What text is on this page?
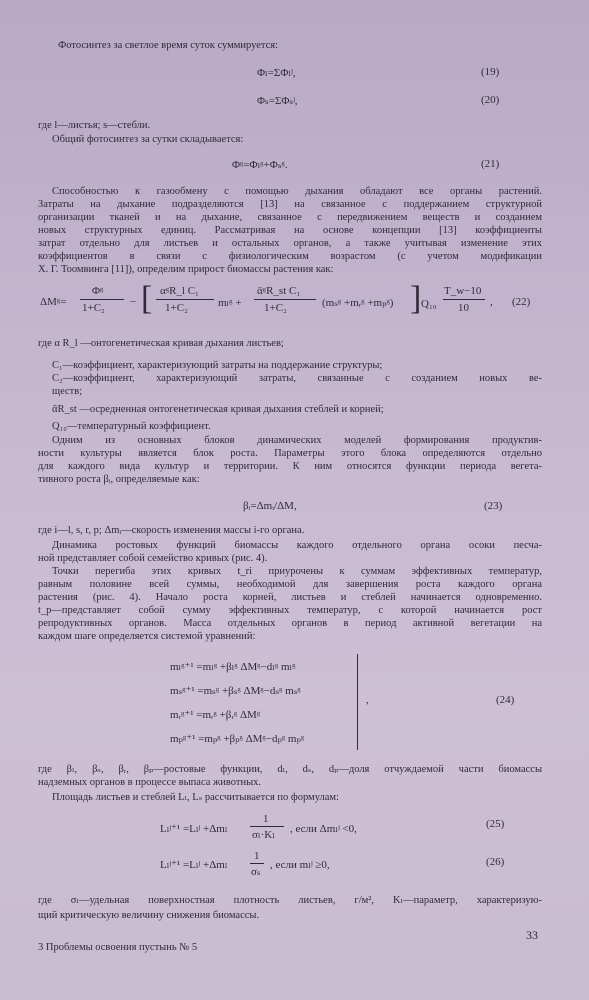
Фотосинтез за светлое время суток суммируется:
Φₗ=ΣΦₗʲ,	(19)
Φₛ=ΣΦₛʲ,	(20)
где l—листья; s—стебли.
Общий фотосинтез за сутки складывается:
Φᵍ=Φₗᵍ+Φₛᵍ.	(21)
Способностью к газообмену с помощью дыхания обладают все органы растений.
Затраты на дыхание подразделяются [13] на связанное с поддержанием структурной
организации тканей и на дыхание, связанное с передвижением веществ и созданием
новых структурных единиц. Рассматривая на основе концепции [13] коэффициенты
затрат отдельно для листьев и остальных органов, а также учитывая изменение этих
коэффициентов в связи с физиологическим возрастом (с учетом модификации
Х. Г. Тоомвинга [11]), определим прирост биомассы растения как:
ΔMᵍ=
Φᵍ
1+C₂ − [ αᵍR_l C₁
1+C₂	mₗᵍ +
ᾱᵍR_st C₁
1+C₂	(mₛᵍ +mᵣᵍ +mₚᵍ) ] Q₁₀
T_w−10
10 , (22)
где α R_l —онтогенетическая кривая дыхания листьев;
C₁—коэффициент, характеризующий затраты на поддержание структуры;
C₂—коэффициент, характеризующий затраты, связанные с созданием новых ве-
ществ;
ᾱR_st —осредненная онтогенетическая кривая дыхания стеблей и корней;
Q₁₀—температурный коэффициент.
Одним из основных блоков динамических моделей формирования продуктив-
ности культуры является блок роста. Параметры этого блока определяются отдельно
для каждого вида культур и территории. К ним относятся функции периода вегета-
тивного роста βᵢ, определяемые как:
βᵢ=Δmᵢ/ΔM,	(23)
где i—l, s, r, p; Δmᵢ—скорость изменения массы i-го органа.
Динамика ростовых функций биомассы каждого отдельного органа осоки песча-
ной представляет собой семейство кривых (рис. 4).
Точки перегиба этих кривых t_ri приурочены к суммам эффективных температур,
равным половине всей суммы, необходимой для завершения роста каждого органа
растения (рис. 4). Начало роста корней, листьев и стеблей начинается одновременно.
t_p—представляет собой сумму эффективных температур, с которой начинается рост
репродуктивных органов. Масса отдельных органов в период активной вегетации на
каждом шаге определяется системой уравнений:
mₗᵍ⁺¹ =mₗᵍ +βₗᵍ ΔMᵍ−dₗᵍ mₗᵍ
mₛᵍ⁺¹ =mₛᵍ +βₛᵍ ΔMᵍ−dₛᵍ mₛᵍ
mᵣᵍ⁺¹ =mᵣᵍ +βᵣᵍ ΔMᵍ
mₚᵍ⁺¹ =mₚᵍ +βₚᵍ ΔMᵍ−dₚᵍ mₚᵍ
,	(24)
где βₗ, βₛ, βᵣ, βₚ—ростовые функции, dₗ, dₛ, dₚ—доля отчуждаемой части биомассы
надземных органов в процессе выпаса животных.
Площадь листьев и стеблей Lₗ, Lₛ рассчитывается по формулам:
Lₗʲ⁺¹ =Lₗʲ +Δmₗ
1
σₗ·Kₗ , если Δmₗʲ <0,	(25)
Lₗʲ⁺¹ =Lₗʲ +Δmₗ
1
σₛ
, если mₗʲ ≥0,	(26)
где σₗ—удельная поверхностная плотность листьев, г/м², Kₗ—параметр, характеризую-
щий критическую величину снижения биомассы.
3 Проблемы освоения пустынь № 5
33
